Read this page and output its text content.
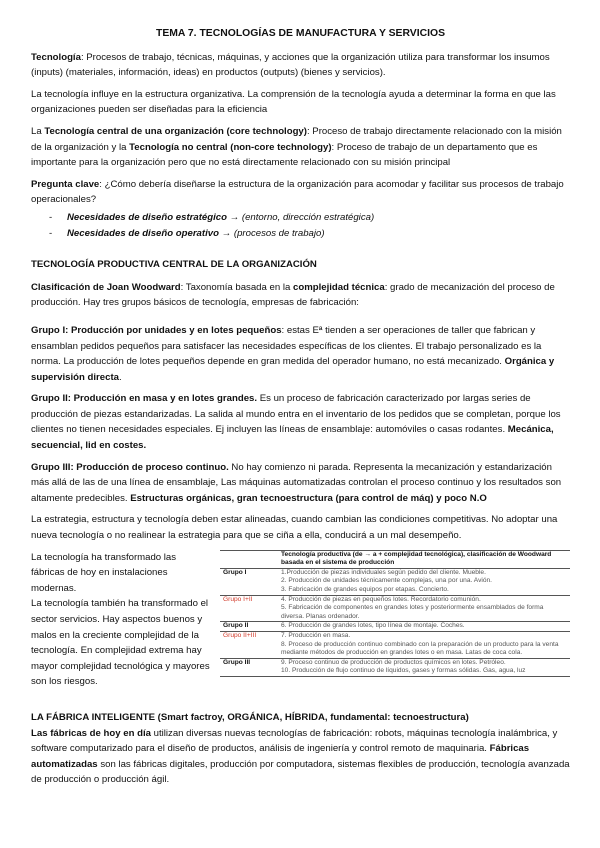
TEMA 7. TECNOLOGÍAS DE MANUFACTURA Y SERVICIOS

Tecnología: Procesos de trabajo, técnicas, máquinas, y acciones que la organización utiliza para transformar los insumos (inputs) (materiales, información, ideas) en productos (outputs) (bienes y servicios).

La tecnología influye en la estructura organizativa. La comprensión de la tecnología ayuda a determinar la forma en que las organizaciones pueden ser diseñadas para la eficiencia

La Tecnología central de una organización (core technology): Proceso de trabajo directamente relacionado con la misión de la organización y la Tecnología no central (non-core technology): Proceso de trabajo de un departamento que es importante para la organización pero que no está directamente relacionado con su misión principal

Pregunta clave: ¿Cómo debería diseñarse la estructura de la organización para acomodar y facilitar sus procesos de trabajo operacionales?

- Necesidades de diseño estratégico → (entorno, dirección estratégica)
- Necesidades de diseño operativo → (procesos de trabajo)
TECNOLOGÍA PRODUCTIVA CENTRAL DE LA ORGANIZACIÓN

Clasificación de Joan Woodward: Taxonomía basada en la complejidad técnica: grado de mecanización del proceso de producción. Hay tres grupos básicos de tecnología, empresas de fabricación:

Grupo I: Producción por unidades y en lotes pequeños: estas Eª tienden a ser operaciones de taller que fabrican y ensamblan pedidos pequeños para satisfacer las necesidades específicas de los clientes. El trabajo personalizado es la norma. La producción de lotes pequeños depende en gran medida del operador humano, no está mecanizado. Orgánica y supervisión directa.

Grupo II: Producción en masa y en lotes grandes. Es un proceso de fabricación caracterizado por largas series de producción de piezas estandarizadas. La salida al mundo entra en el inventario de los pedidos que se completan, porque los clientes no tienen necesidades especiales. Ej incluyen las líneas de ensamblaje: automóviles o casas rodantes. Mecánica, secuencial, lid en costes.

Grupo III: Producción de proceso continuo. No hay comienzo ni parada. Representa la mecanización y estandarización más allá de las de una línea de ensamblaje, Las máquinas automatizadas controlan el proceso continuo y los resultados son altamente predecibles. Estructuras orgánicas, gran tecnoestructura (para control de máq) y poco N.O

La estrategia, estructura y tecnología deben estar alineadas, cuando cambian las condiciones competitivas. No adoptar una nueva tecnología o no realinear la estrategia para que se ciña a ella, conducirá a un mal desempeño.

La tecnología ha transformado las fábricas de hoy en instalaciones modernas.

La tecnología también ha transformado el sector servicios. Hay aspectos buenos y malos en la creciente complejidad de la tecnología. En complejidad extrema hay mayor complejidad tecnológica y mayores son los riesgos.

	Tecnología productiva (de → a + complejidad tecnológica), clasificación de Woodward basada en el sistema de producción
Grupo I	1.Producción de piezas individuales según pedido del cliente. Mueble.
2. Producción de unidades técnicamente complejas, una por una. Avión.
3. Fabricación de grandes equipos por etapas. Concierto.

Grupo I+II	4. Producción de piezas en pequeños lotes. Recordatorio comunión.
5. Fabricación de componentes en grandes lotes y posteriormente ensamblados de forma diversa. Planas ordenador.

Grupo II	6. Producción de grandes lotes, tipo línea de montaje. Coches.

Grupo II+III	7. Producción en masa.
8. Proceso de producción continuo combinado con la preparación de un producto para la venta mediante métodos de producción en grandes lotes o en masa. Latas de coca cola.

Grupo III	9. Proceso continuo de producción de productos químicos en lotes. Petróleo.
10. Producción de flujo continuo de líquidos, gases y formas sólidas. Gas, agua, luz
LA FÁBRICA INTELIGENTE (Smart factroy, ORGÁNICA, HÍBRIDA, fundamental: tecnoestructura)

Las fábricas de hoy en día utilizan diversas nuevas tecnologías de fabricación: robots, máquinas tecnología inalámbrica, y software computarizado para el diseño de productos, análisis de ingeniería y control remoto de maquinaria. Fábricas automatizadas son las fábricas digitales, producción por computadora, sistemas flexibles de producción, tecnología avanzada de producción o producción ágil.
